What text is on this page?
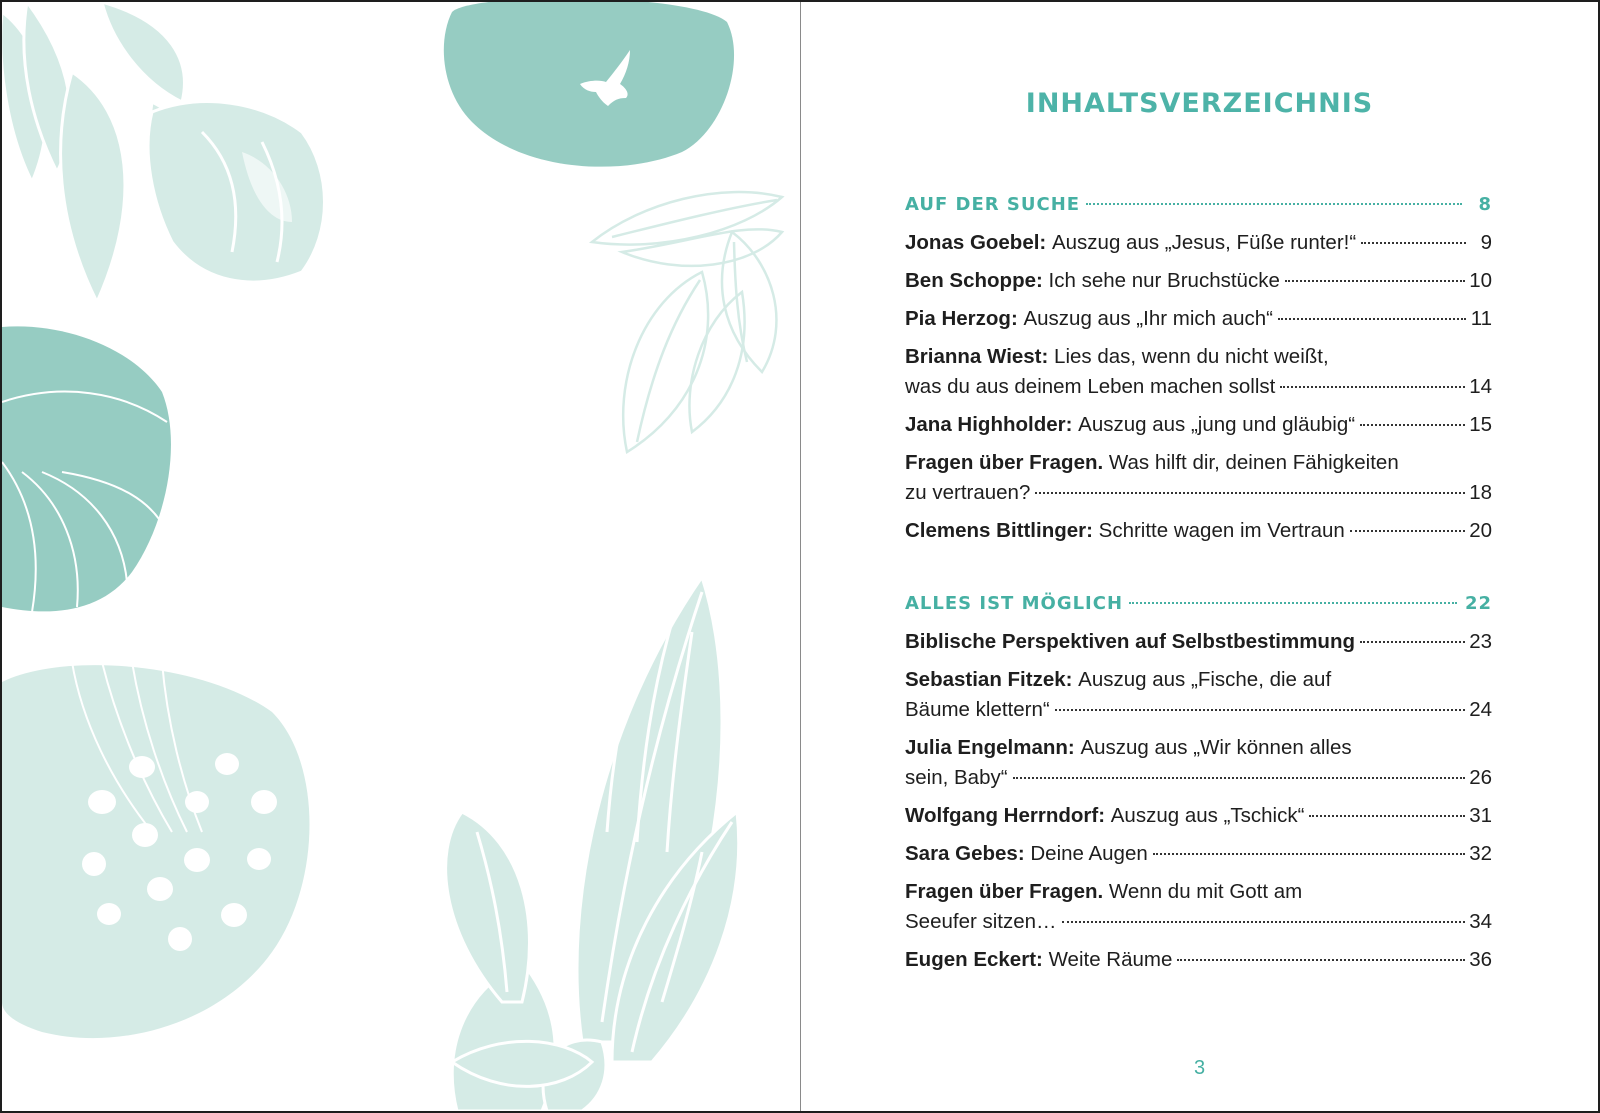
INHALTSVERZEICHNIS
AUF DER SUCHE	8
Jonas Goebel:
Auszug aus „Jesus, Füße runter!“	9
Ben Schoppe:
Ich sehe nur Bruchstücke	10
Pia Herzog:
Auszug aus „Ihr mich auch“	11
Brianna Wiest:
Lies das, wenn du nicht weißt,
was du aus deinem Leben machen sollst	14
Jana Highholder:
Auszug aus „jung und gläubig“	15
Fragen über Fragen.
Was hilft dir, deinen Fähigkeiten
zu vertrauen?	18
Clemens Bittlinger:
Schritte wagen im Vertraun	20
ALLES IST MÖGLICH	22
Biblische Perspektiven auf Selbstbestimmung	23
Sebastian Fitzek:
Auszug aus „Fische, die auf
Bäume klettern“	24
Julia Engelmann:
Auszug aus „Wir können alles
sein, Baby“	26
Wolfgang Herrndorf:
Auszug aus „Tschick“	31
Sara Gebes:
Deine Augen	32
Fragen über Fragen.
Wenn du mit Gott am
Seeufer sitzen…	34
Eugen Eckert:
Weite Räume	36
3
